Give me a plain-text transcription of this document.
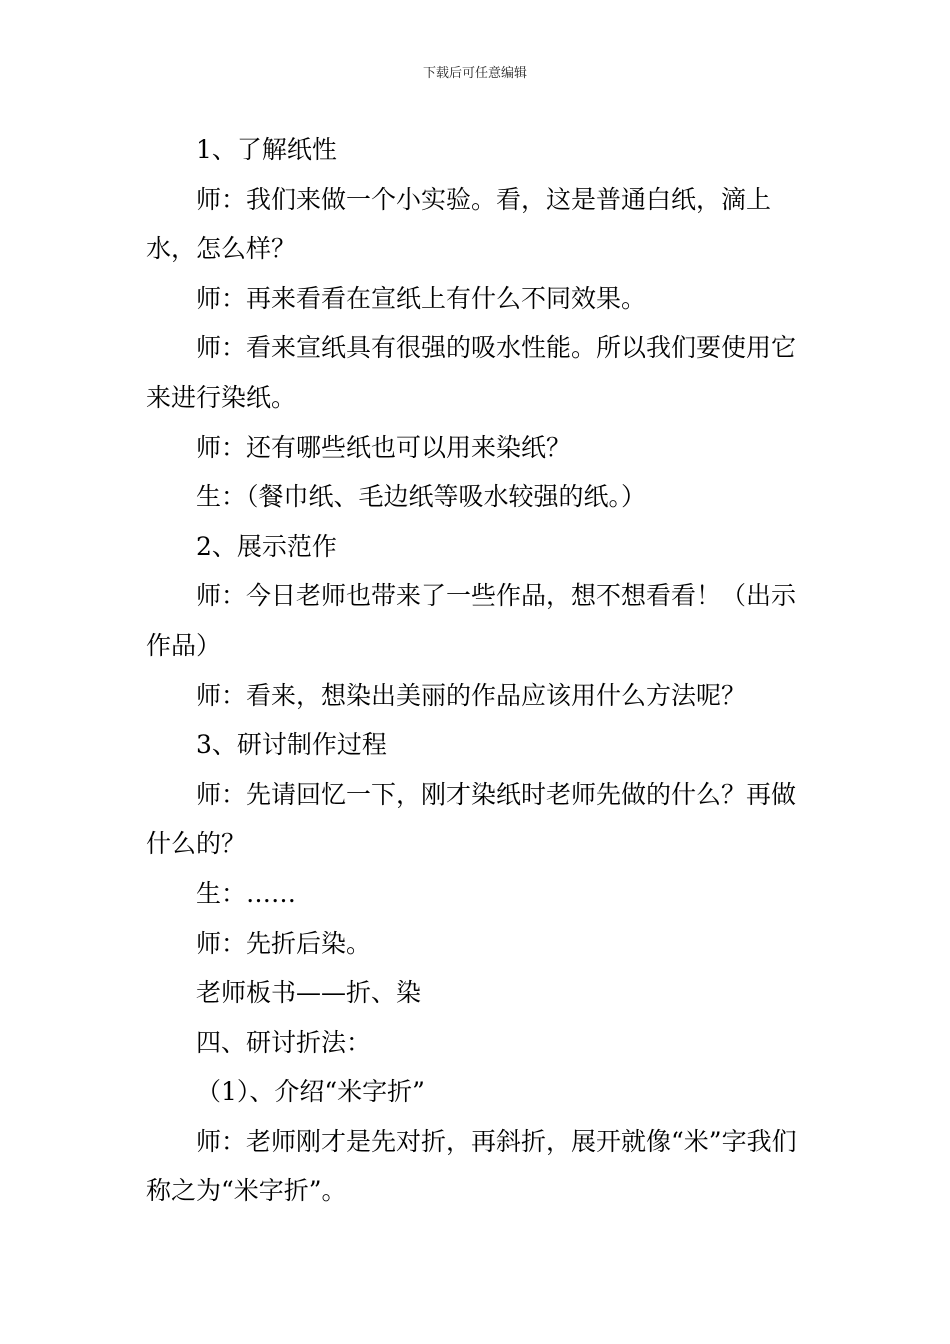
下载后可任意编辑

1、了解纸性

师：我们来做一个小实验。看，这是普通白纸，滴上水，怎么样？

师：再来看看在宣纸上有什么不同效果。

师：看来宣纸具有很强的吸水性能。所以我们要使用它来进行染纸。

师：还有哪些纸也可以用来染纸？

生：（餐巾纸、毛边纸等吸水较强的纸。）

2、展示范作

师：今日老师也带来了一些作品，想不想看看！（出示作品）

师：看来，想染出美丽的作品应该用什么方法呢？

3、研讨制作过程

师：先请回忆一下，刚才染纸时老师先做的什么？再做什么的？

生：……

师：先折后染。

老师板书——折、染

四、研讨折法：

（1）、介绍“米字折”

师：老师刚才是先对折，再斜折，展开就像“米”字我们称之为“米字折”。
